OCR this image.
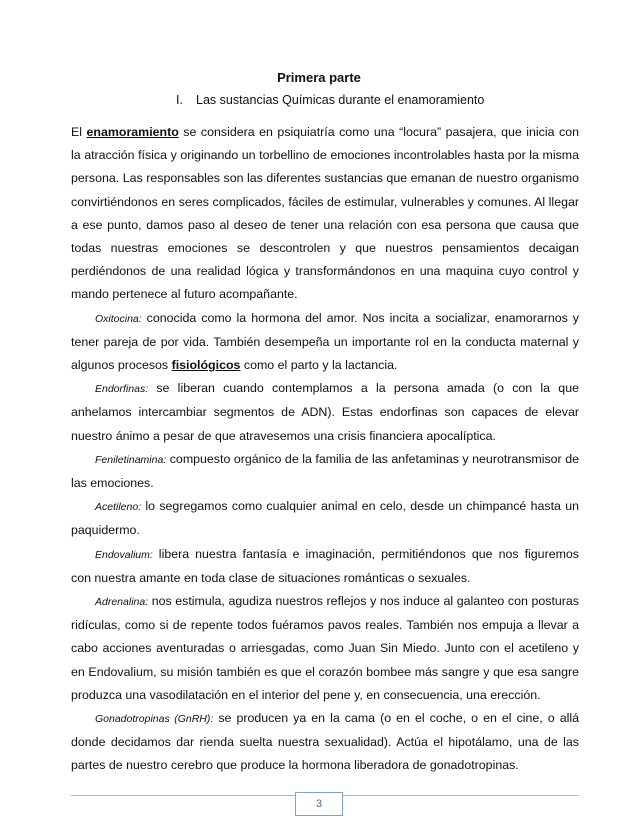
Primera parte
I. Las sustancias Químicas durante el enamoramiento

El enamoramiento se considera en psiquiatría como una “locura” pasajera, que inicia con la atracción física y originando un torbellino de emociones incontrolables hasta por la misma persona. Las responsables son las diferentes sustancias que emanan de nuestro organismo convirtiéndonos en seres complicados, fáciles de estimular, vulnerables y comunes. Al llegar a ese punto, damos paso al deseo de tener una relación con esa persona que causa que todas nuestras emociones se descontrolen y que nuestros pensamientos decaigan perdiéndonos de una realidad lógica y transformándonos en una maquina cuyo control y mando pertenece al futuro acompañante.

Oxitocina: conocida como la hormona del amor. Nos incita a socializar, enamorarnos y tener pareja de por vida. También desempeña un importante rol en la conducta maternal y algunos procesos fisiológicos como el parto y la lactancia.

Endorfinas: se liberan cuando contemplamos a la persona amada (o con la que anhelamos intercambiar segmentos de ADN). Estas endorfinas son capaces de elevar nuestro ánimo a pesar de que atravesemos una crisis financiera apocalíptica.

Feniletinamina: compuesto orgánico de la familia de las anfetaminas y neurotransmisor de las emociones.

Acetileno: lo segregamos como cualquier animal en celo, desde un chimpancé hasta un paquidermo.

Endovalium: libera nuestra fantasía e imaginación, permitiéndonos que nos figuremos con nuestra amante en toda clase de situaciones románticas o sexuales.

Adrenalina: nos estimula, agudiza nuestros reflejos y nos induce al galanteo con posturas ridículas, como si de repente todos fuéramos pavos reales. También nos empuja a llevar a cabo acciones aventuradas o arriesgadas, como Juan Sin Miedo. Junto con el acetileno y en Endovalium, su misión también es que el corazón bombee más sangre y que esa sangre produzca una vasodilatación en el interior del pene y, en consecuencia, una erección.

Gonadotropinas (GnRH): se producen ya en la cama (o en el coche, o en el cine, o allá donde decidamos dar rienda suelta nuestra sexualidad). Actúa el hipotálamo, una de las partes de nuestro cerebro que produce la hormona liberadora de gonadotropinas.

3
